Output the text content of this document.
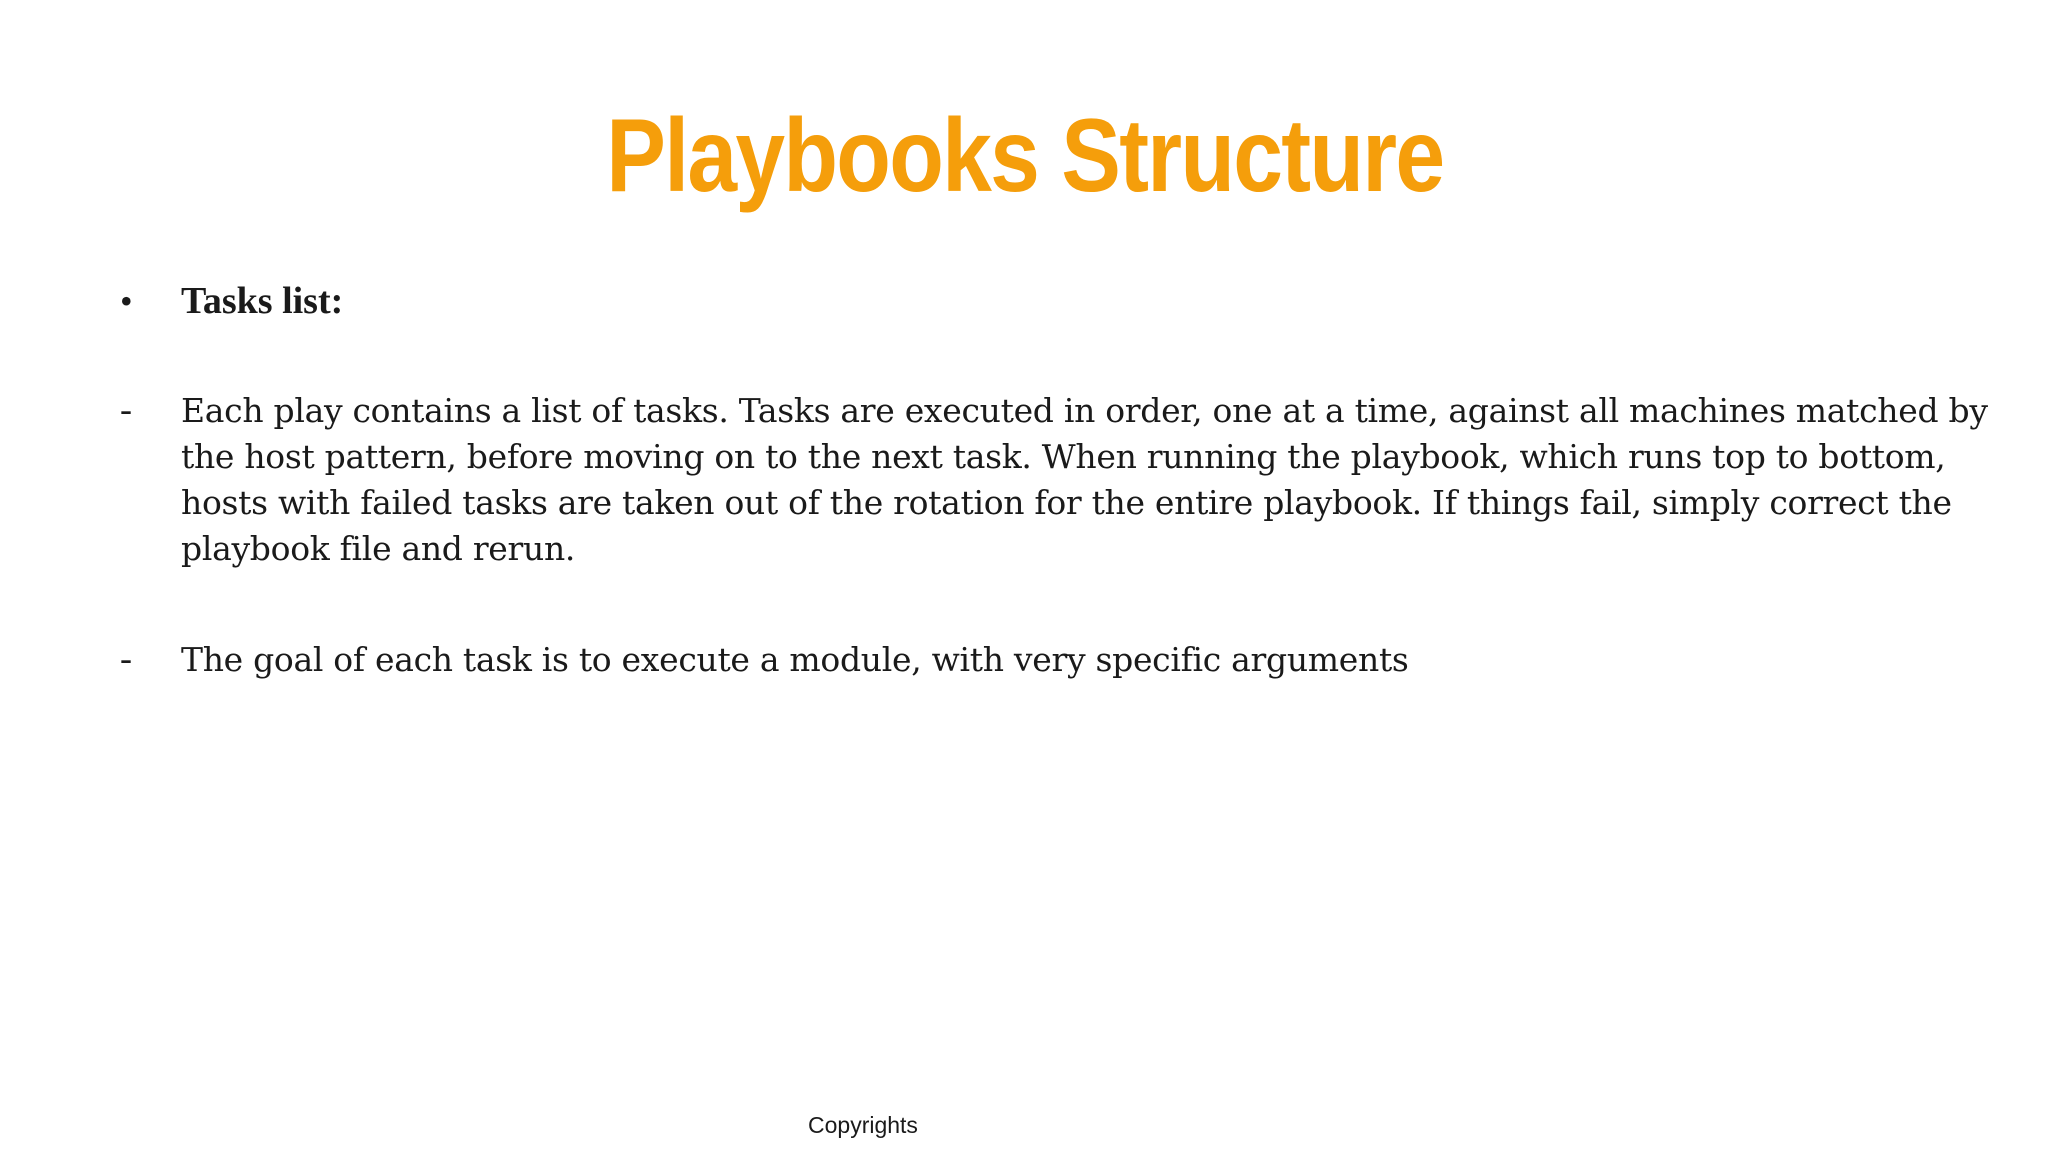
Playbooks Structure
•	Tasks list:
-	Each play contains a list of tasks. Tasks are executed in order, one at a time, against all machines matched by
the host pattern, before moving on to the next task. When running the playbook, which runs top to bottom,
hosts with failed tasks are taken out of the rotation for the entire playbook. If things fail, simply correct the
playbook file and rerun.

-	The goal of each task is to execute a module, with very specific arguments

Copyrights
